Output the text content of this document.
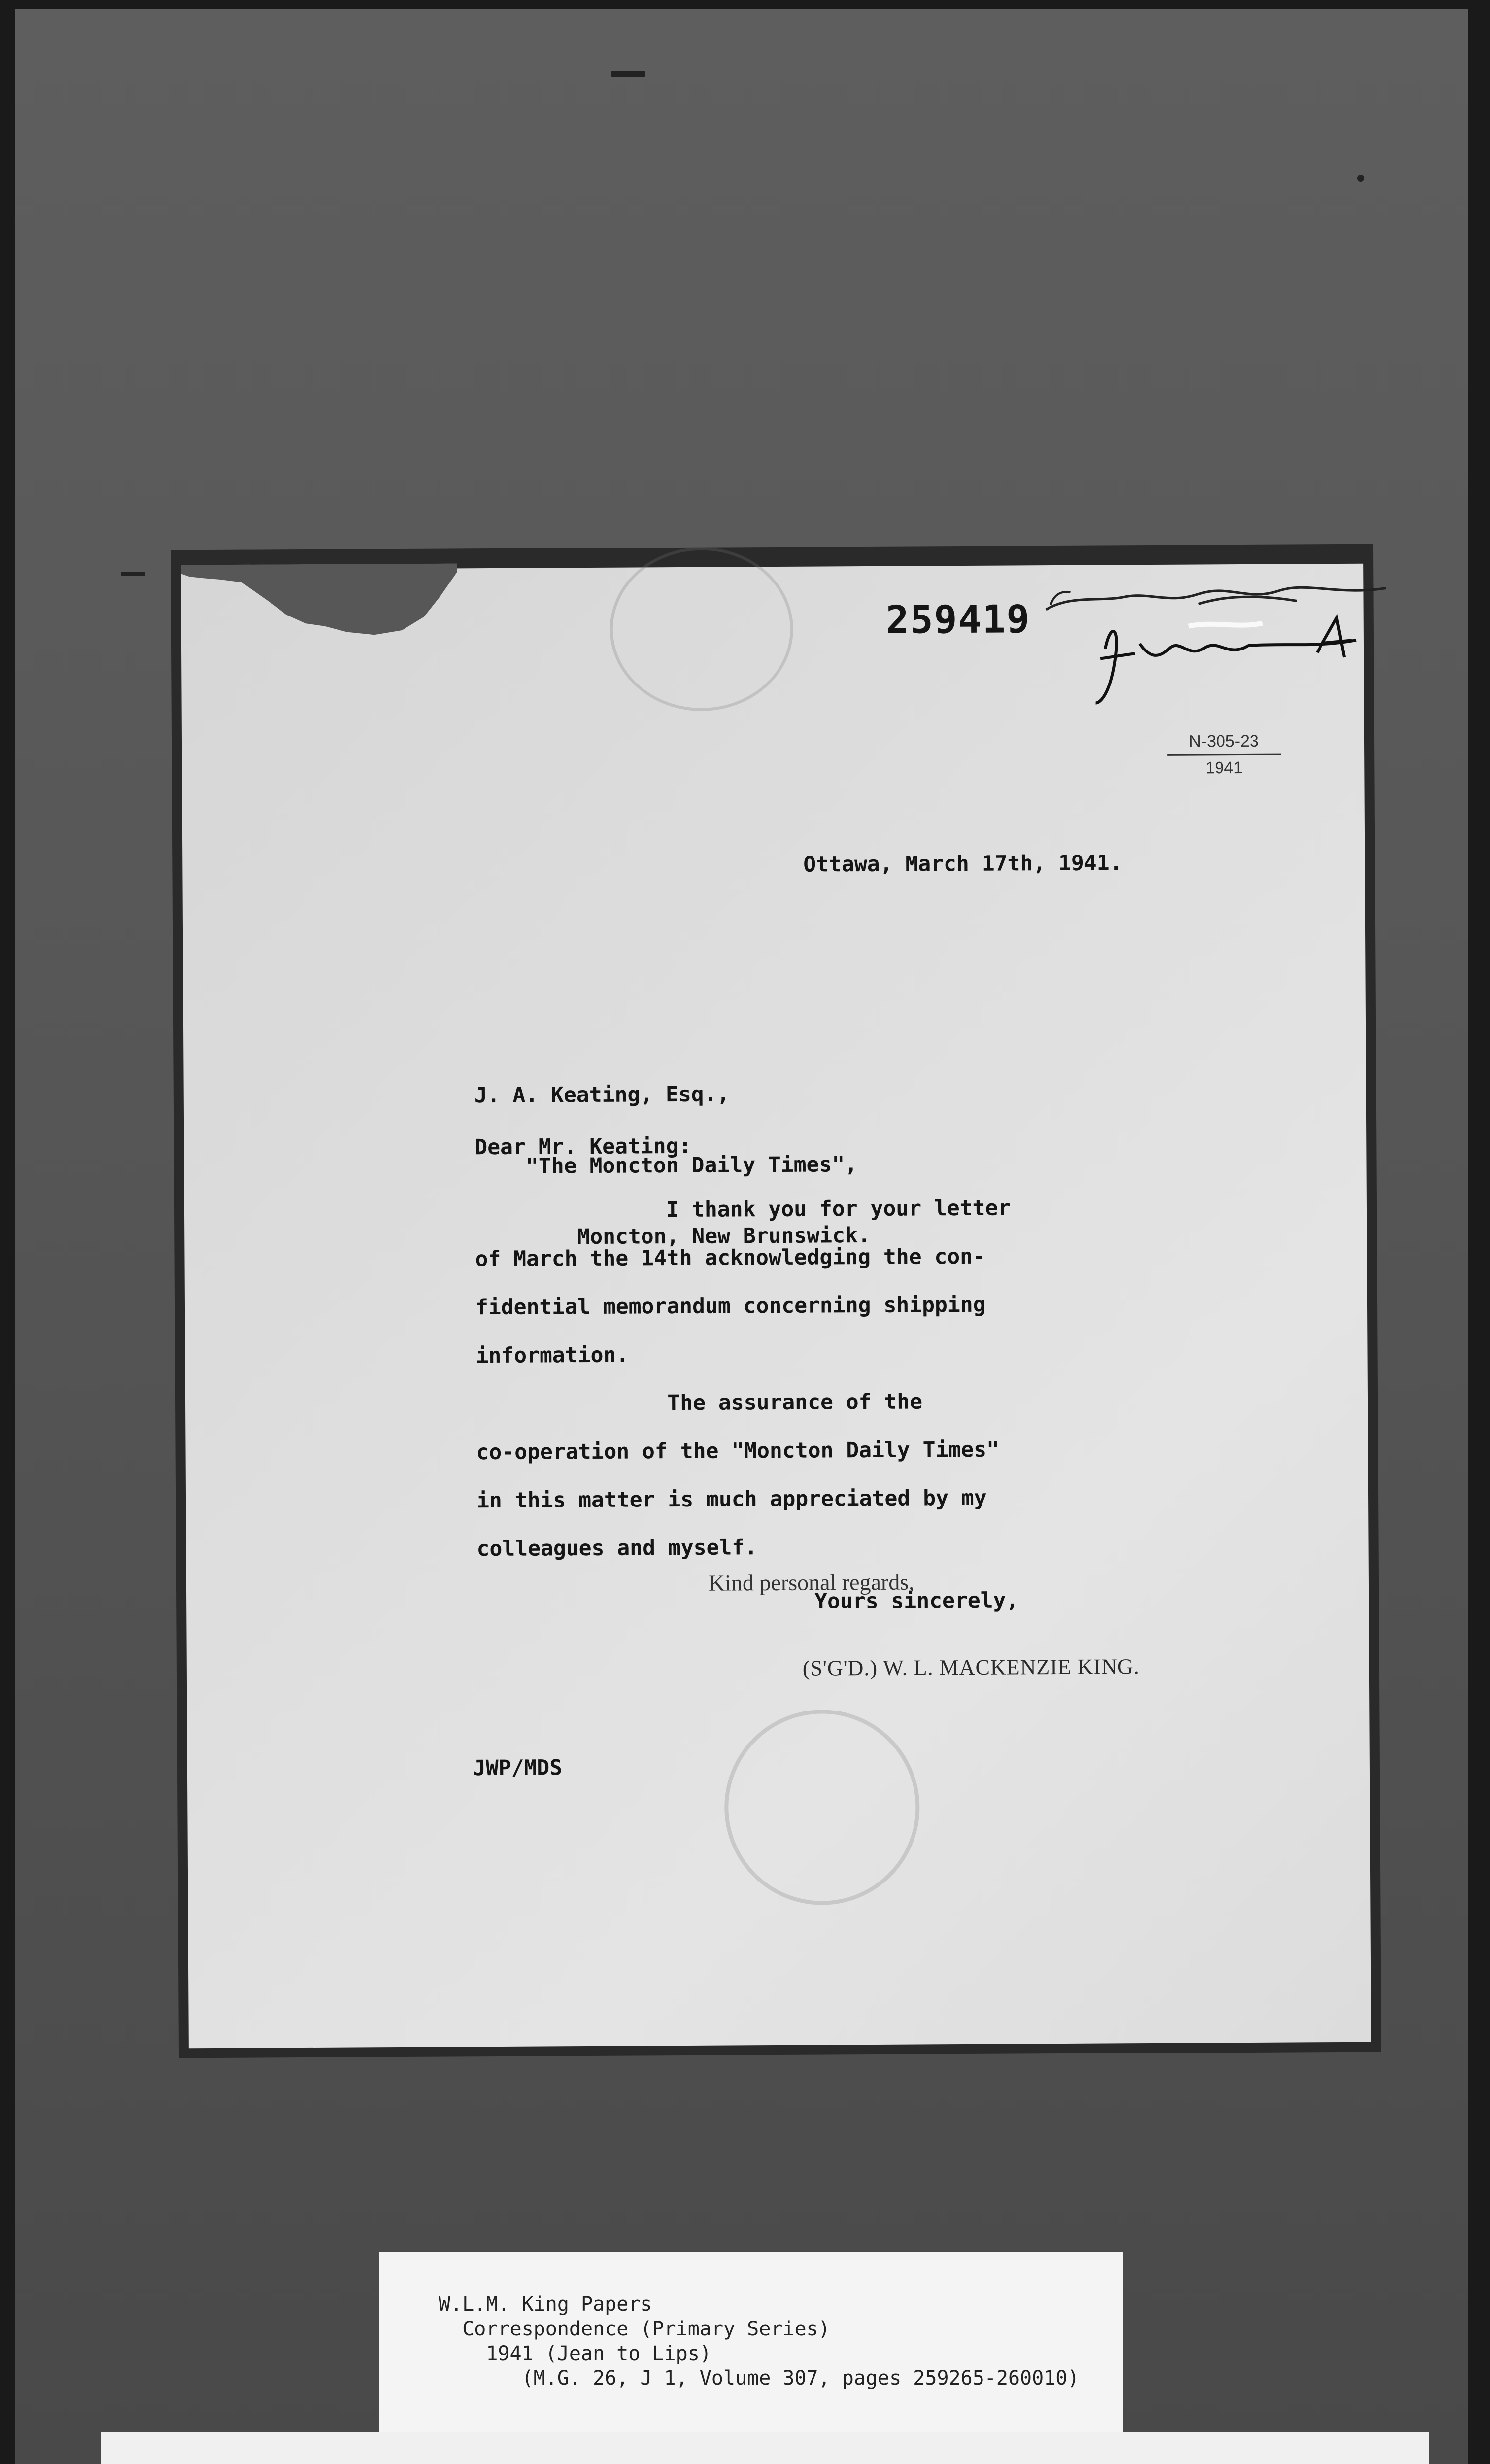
259419
N-305-23
1941
Ottawa, March 17th, 1941.

J. A. Keating, Esq.,

"The Moncton Daily Times",

Moncton, New Brunswick.

Dear Mr. Keating:

I thank you for your letter

of March the 14th acknowledging the con-

fidential memorandum concerning shipping

information.

The assurance of the

co-operation of the "Moncton Daily Times"

in this matter is much appreciated by my

colleagues and myself.

Kind personal regards,
Yours sincerely,
(S'G'D.) W. L. MACKENZIE KING.
JWP/MDS
W.L.M. King Papers
Correspondence (Primary Series)
1941 (Jean to Lips)
(M.G. 26, J 1, Volume 307, pages 259265-260010)
